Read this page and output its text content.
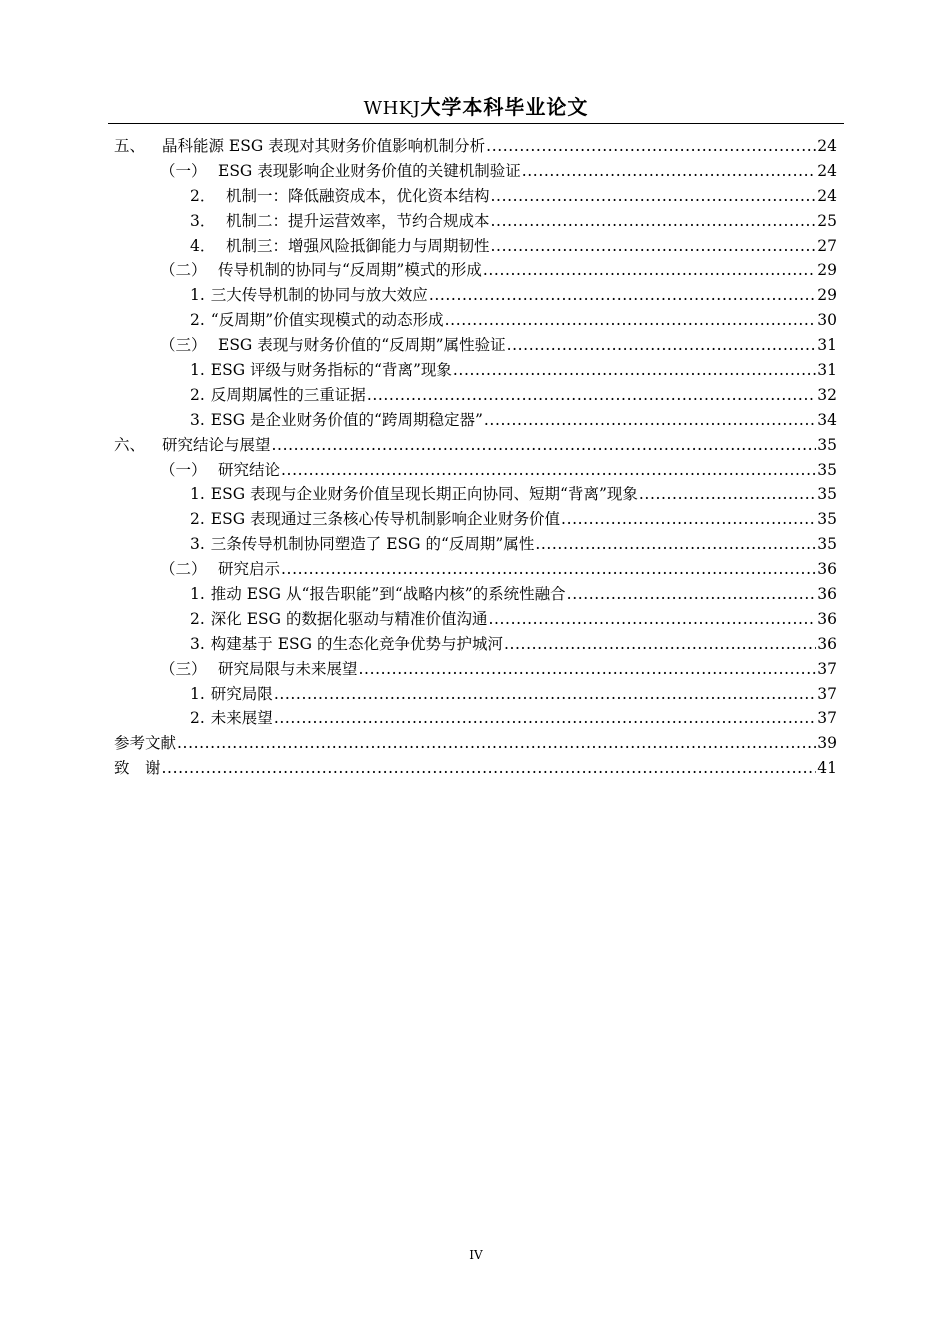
WHKJ大学本科毕业论文
五、	晶科能源 ESG 表现对其财务价值影响机制分析 .....	24
（一） ESG 表现影响企业财务价值的关键机制验证 .....	24
2． 机制一：降低融资成本，优化资本结构 .....	24
3． 机制二：提升运营效率，节约合规成本 .....	25
4． 机制三：增强风险抵御能力与周期韧性 .....	27
（二） 传导机制的协同与“反周期”模式的形成 .....	29
1. 三大传导机制的协同与放大效应 .....	29
2. “反周期”价值实现模式的动态形成 .....	30
（三） ESG 表现与财务价值的“反周期”属性验证 .....	31
1. ESG 评级与财务指标的“背离”现象 .....	31
2. 反周期属性的三重证据 .....	32
3. ESG 是企业财务价值的“跨周期稳定器” .....	34
六、	研究结论与展望 .....	35
（一） 研究结论 .....	35
1. ESG 表现与企业财务价值呈现长期正向协同、短期“背离”现象 .....	35
2. ESG 表现通过三条核心传导机制影响企业财务价值 .....	35
3. 三条传导机制协同塑造了 ESG 的“反周期”属性 .....	35
（二） 研究启示 .....	36
1. 推动 ESG 从“报告职能”到“战略内核”的系统性融合 .....	36
2. 深化 ESG 的数据化驱动与精准价值沟通 .....	36
3. 构建基于 ESG 的生态化竞争优势与护城河 .....	36
（三） 研究局限与未来展望 .....	37
1. 研究局限 .....	37
2. 未来展望 .....	37
参考文献 .....	39
致　谢 .....	41
IV
